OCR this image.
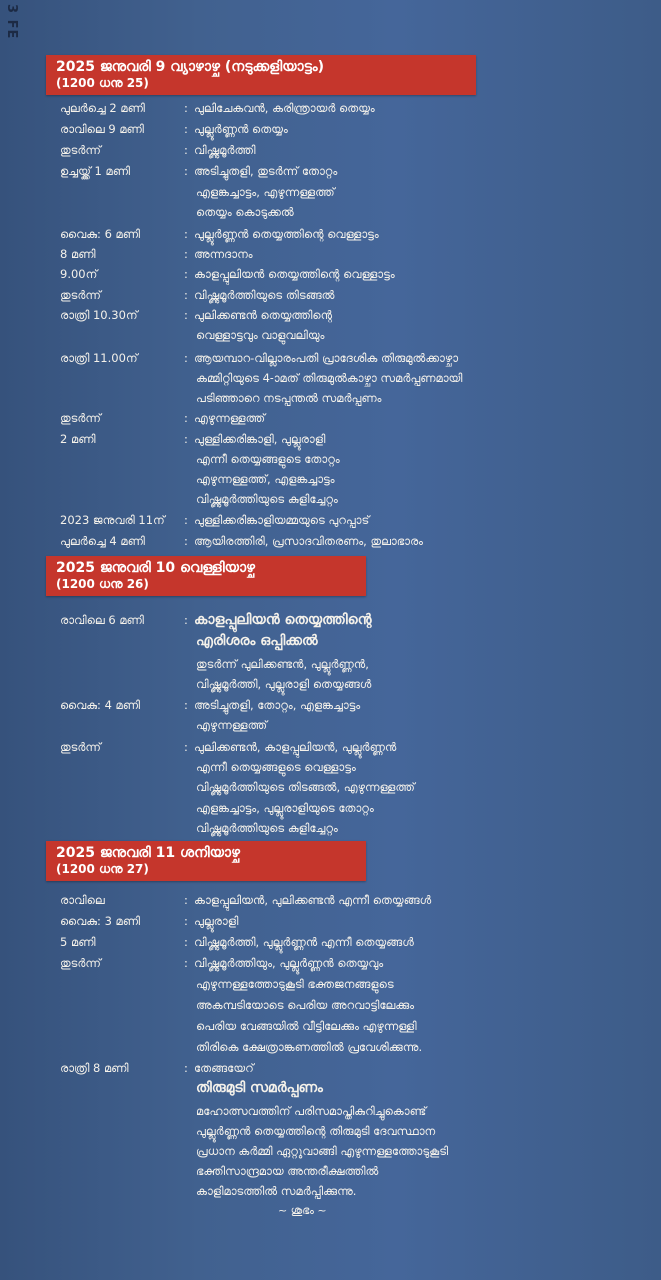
3 FE
2025 ജനുവരി 9 വ്യാഴാഴ്ച (നടുക്കളിയാട്ടം)
(1200 ധനു 25)
പുലർച്ചെ 2 മണി	: പുലിചേകവൻ, കരിന്ത്രായർ തെയ്യം
രാവിലെ 9 മണി	: പുല്ലൂർണ്ണൻ തെയ്യം
തുടർന്ന്	: വിഷ്ണുമൂർത്തി
ഉച്ചയ്ക്ക് 1 മണി	: അടിച്ചുതളി, തുടർന്ന് തോറ്റം
എളങ്കച്ചാട്ടം, എഴുന്നള്ളത്ത്
തെയ്യം കൊടുക്കൽ
വൈകു: 6 മണി	: പുല്ലൂർണ്ണൻ തെയ്യത്തിന്റെ വെള്ളാട്ടം
8 മണി	: അന്നദാനം
9.00ന്	: കാളപ്പുലിയൻ തെയ്യത്തിന്റെ വെള്ളാട്ടം
തുടർന്ന്	: വിഷ്ണുമൂർത്തിയുടെ തിടങ്ങൽ
രാത്രി 10.30ന്	: പുലിക്കണ്ടൻ തെയ്യത്തിന്റെ
വെള്ളാട്ടവും വാളുവലിയും
രാത്രി 11.00ന്	: ആയമ്പാറ-വില്ലാരംപതി പ്രാദേശിക തിരുമുൽക്കാഴ്ചാ
കമ്മിറ്റിയുടെ 4-ാമത് തിരുമുൽകാഴ്ചാ സമർപ്പണമായി
പടിഞ്ഞാറെ നടപ്പന്തൽ സമർപ്പണം
തുടർന്ന്	: എഴുന്നള്ളത്ത്
2 മണി	: പുള്ളിക്കരിങ്കാളി, പുല്ലൂരാളി
എന്നീ തെയ്യങ്ങളുടെ തോറ്റം
എഴുന്നള്ളത്ത്, എളങ്കച്ചാട്ടം
വിഷ്ണുമൂർത്തിയുടെ കുളിച്ചേറ്റം
2023 ജനുവരി 11ന് : പുള്ളിക്കരിങ്കാളിയമ്മയുടെ പുറപ്പാട്
പുലർച്ചെ 4 മണി	: ആയിരത്തിരി, പ്രസാദവിതരണം, തുലാഭാരം
2025 ജനുവരി 10 വെള്ളിയാഴ്ച
(1200 ധനു 26)
രാവിലെ 6 മണി	: കാളപ്പുലിയൻ തെയ്യത്തിന്റെ
എരിശരം ഒപ്പിക്കൽ
തുടർന്ന് പുലിക്കണ്ടൻ, പുല്ലൂർണ്ണൻ,
വിഷ്ണുമൂർത്തി, പുല്ലൂരാളി തെയ്യങ്ങൾ
വൈകു: 4 മണി	: അടിച്ചുതളി, തോറ്റം, എളങ്കച്ചാട്ടം
എഴുന്നള്ളത്ത്
തുടർന്ന്	: പുലിക്കണ്ടൻ, കാളപ്പുലിയൻ, പുല്ലൂർണ്ണൻ
എന്നീ തെയ്യങ്ങളുടെ വെള്ളാട്ടം
വിഷ്ണുമൂർത്തിയുടെ തിടങ്ങൽ, എഴുന്നള്ളത്ത്
എളങ്കച്ചാട്ടം, പുല്ലൂരാളിയുടെ തോറ്റം
വിഷ്ണുമൂർത്തിയുടെ കുളിച്ചേറ്റം
2025 ജനുവരി 11 ശനിയാഴ്ച
(1200 ധനു 27)
രാവിലെ	: കാളപ്പുലിയൻ, പുലിക്കണ്ടൻ എന്നീ തെയ്യങ്ങൾ
വൈകു: 3 മണി	: പുല്ലൂരാളി
5 മണി	: വിഷ്ണുമൂർത്തി, പുല്ലൂർണ്ണൻ എന്നീ തെയ്യങ്ങൾ
തുടർന്ന്	: വിഷ്ണുമൂർത്തിയും, പുല്ലൂർണ്ണൻ തെയ്യവും
എഴുന്നള്ളത്തോടുകൂടി ഭക്തജനങ്ങളുടെ
അകമ്പടിയോടെ പെരിയ അറവാട്ടിലേക്കും
പെരിയ വേങ്ങയിൽ വീട്ടിലേക്കും എഴുന്നള്ളി
തിരികെ ക്ഷേത്രാങ്കണത്തിൽ പ്രവേശിക്കുന്നു.
രാത്രി 8 മണി	: തേങ്ങയേറ്
തിരുമുടി സമർപ്പണം
മഹോത്സവത്തിന് പരിസമാപ്തികുറിച്ചുകൊണ്ട്
പുല്ലൂർണ്ണൻ തെയ്യത്തിന്റെ തിരുമുടി ദേവസ്ഥാന
പ്രധാന കർമ്മി ഏറ്റുവാങ്ങി എഴുന്നള്ളത്തോടുകൂടി
ഭക്തിസാന്ദ്രമായ അന്തരീക്ഷത്തിൽ
കാളിമാടത്തിൽ സമർപ്പിക്കുന്നു.
~ ശുഭം ~
